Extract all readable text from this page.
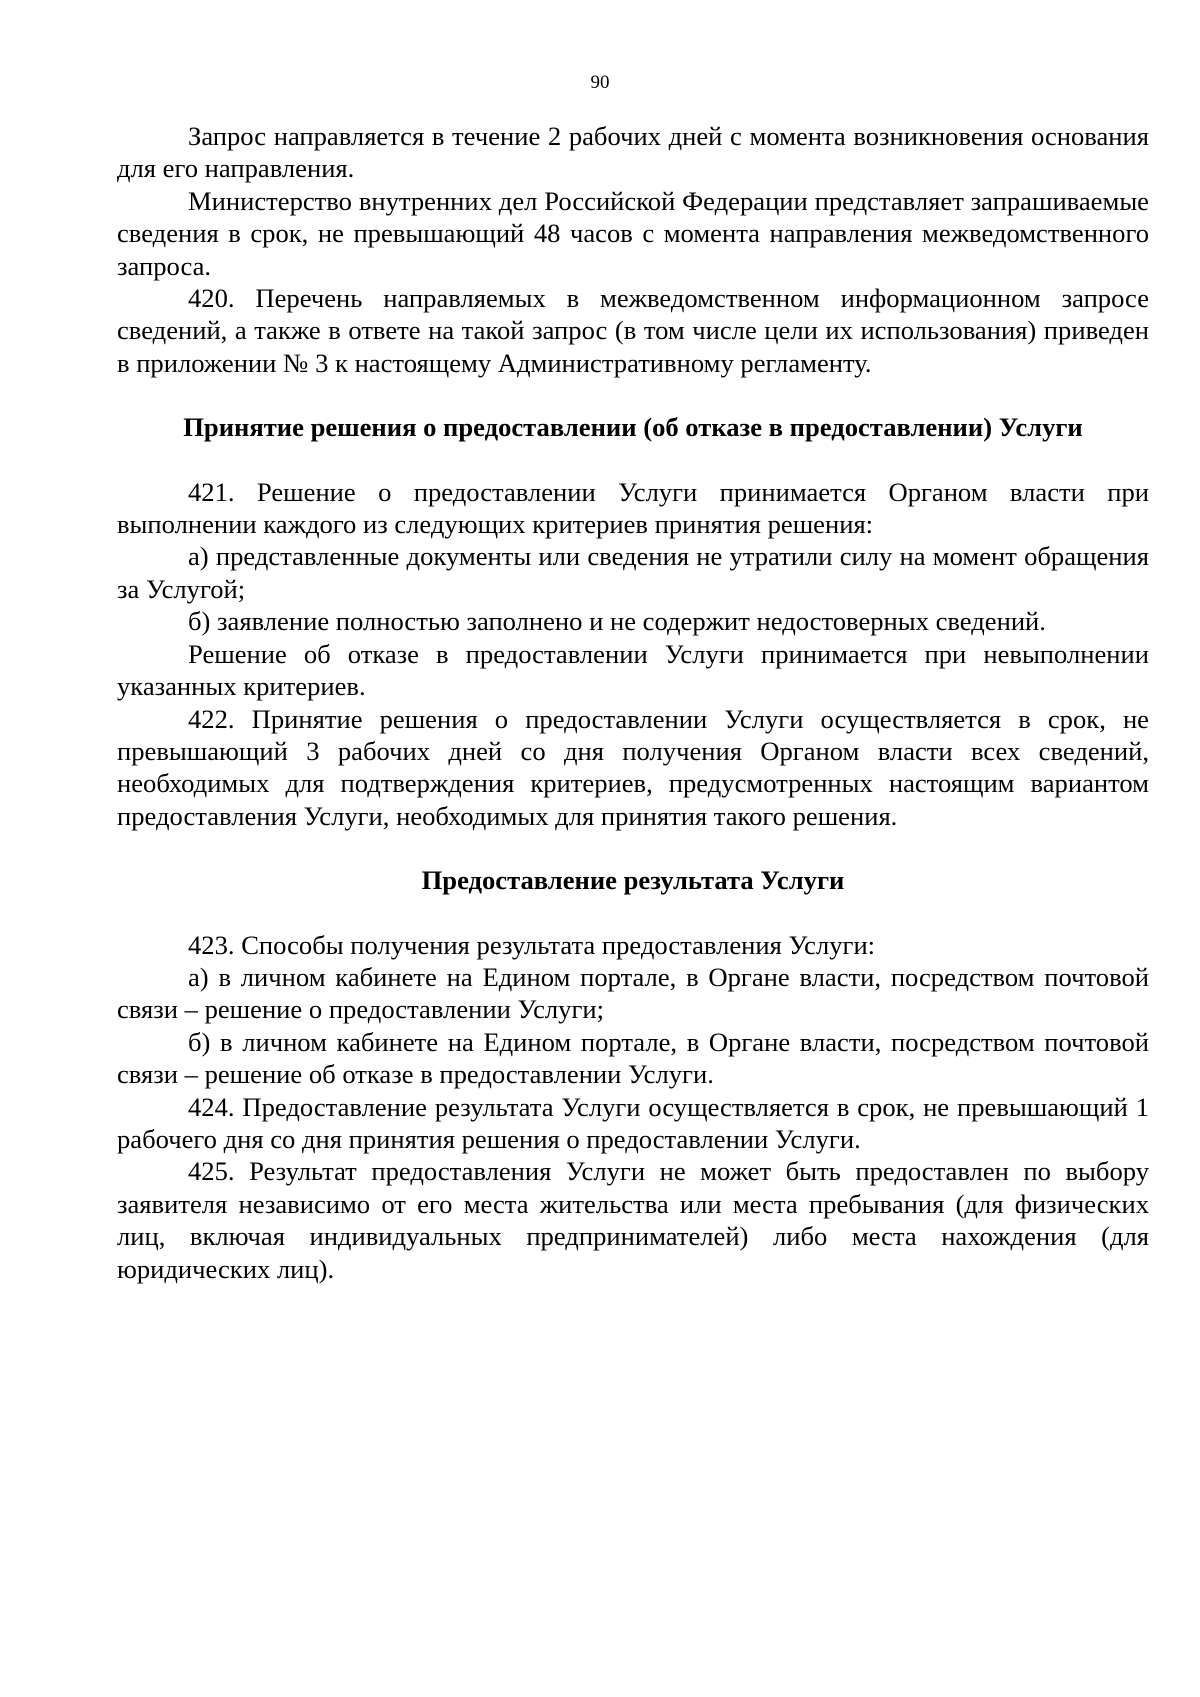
90

Запрос направляется в течение 2 рабочих дней с момента возникновения основания для его направления.

Министерство внутренних дел Российской Федерации представляет запрашиваемые сведения в срок, не превышающий 48 часов с момента направления межведомственного запроса.

420. Перечень направляемых в межведомственном информационном запросе сведений, а также в ответе на такой запрос (в том числе цели их использования) приведен в приложении № 3 к настоящему Административному регламенту.

Принятие решения о предоставлении (об отказе в предоставлении) Услуги

421. Решение о предоставлении Услуги принимается Органом власти при выполнении каждого из следующих критериев принятия решения:

а) представленные документы или сведения не утратили силу на момент обращения за Услугой;

б) заявление полностью заполнено и не содержит недостоверных сведений.

Решение об отказе в предоставлении Услуги принимается при невыполнении указанных критериев.

422. Принятие решения о предоставлении Услуги осуществляется в срок, не превышающий 3 рабочих дней со дня получения Органом власти всех сведений, необходимых для подтверждения критериев, предусмотренных настоящим вариантом предоставления Услуги, необходимых для принятия такого решения.

Предоставление результата Услуги

423. Способы получения результата предоставления Услуги:

а) в личном кабинете на Едином портале, в Органе власти, посредством почтовой связи – решение о предоставлении Услуги;

б) в личном кабинете на Едином портале, в Органе власти, посредством почтовой связи – решение об отказе в предоставлении Услуги.

424. Предоставление результата Услуги осуществляется в срок, не превышающий 1 рабочего дня со дня принятия решения о предоставлении Услуги.

425. Результат предоставления Услуги не может быть предоставлен по выбору заявителя независимо от его места жительства или места пребывания (для физических лиц, включая индивидуальных предпринимателей) либо места нахождения (для юридических лиц).
